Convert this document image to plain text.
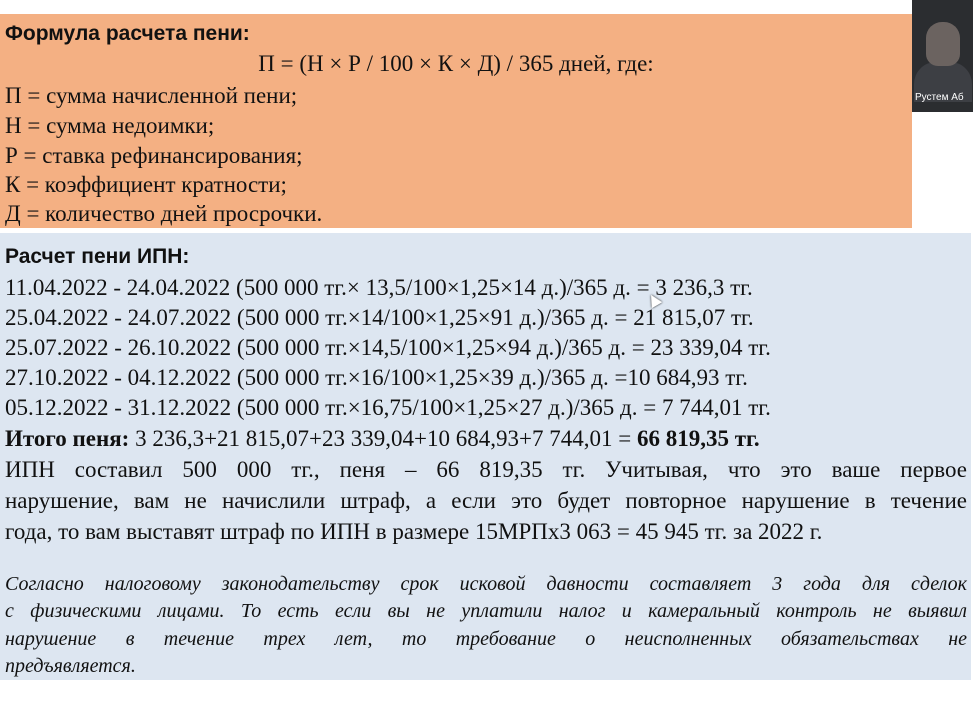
Формула расчета пени:
П = (Н × Р / 100 × К × Д) / 365 дней, где:
П = сумма начисленной пени;
Н = сумма недоимки;
Р = ставка рефинансирования;
К = коэффициент кратности;
Д = количество дней просрочки.
Расчет пени ИПН:
11.04.2022 - 24.04.2022 (500 000 тг.× 13,5/100×1,25×14 д.)/365 д. = 3 236,3 тг.
25.04.2022 - 24.07.2022 (500 000 тг.×14/100×1,25×91 д.)/365 д. = 21 815,07 тг.
25.07.2022 - 26.10.2022 (500 000 тг.×14,5/100×1,25×94 д.)/365 д. = 23 339,04 тг.
27.10.2022 - 04.12.2022 (500 000 тг.×16/100×1,25×39 д.)/365 д. =10 684,93 тг.
05.12.2022 - 31.12.2022 (500 000 тг.×16,75/100×1,25×27 д.)/365 д. = 7 744,01 тг.
Итого пеня: 3 236,3+21 815,07+23 339,04+10 684,93+7 744,01 = 66 819,35 тг.
ИПН составил 500 000 тг., пеня – 66 819,35 тг. Учитывая, что это ваше первое
нарушение, вам не начислили штраф, а если это будет повторное нарушение в течение
года, то вам выставят штраф по ИПН в размере 15МРПх3 063 = 45 945 тг. за 2022 г.
Согласно налоговому законодательству срок исковой давности составляет 3 года для сделок
с физическими лицами. То есть если вы не уплатили налог и камеральный контроль не выявил
нарушение в течение трех лет, то требование о неисполненных обязательствах не
предъявляется.
Рустем Аб
